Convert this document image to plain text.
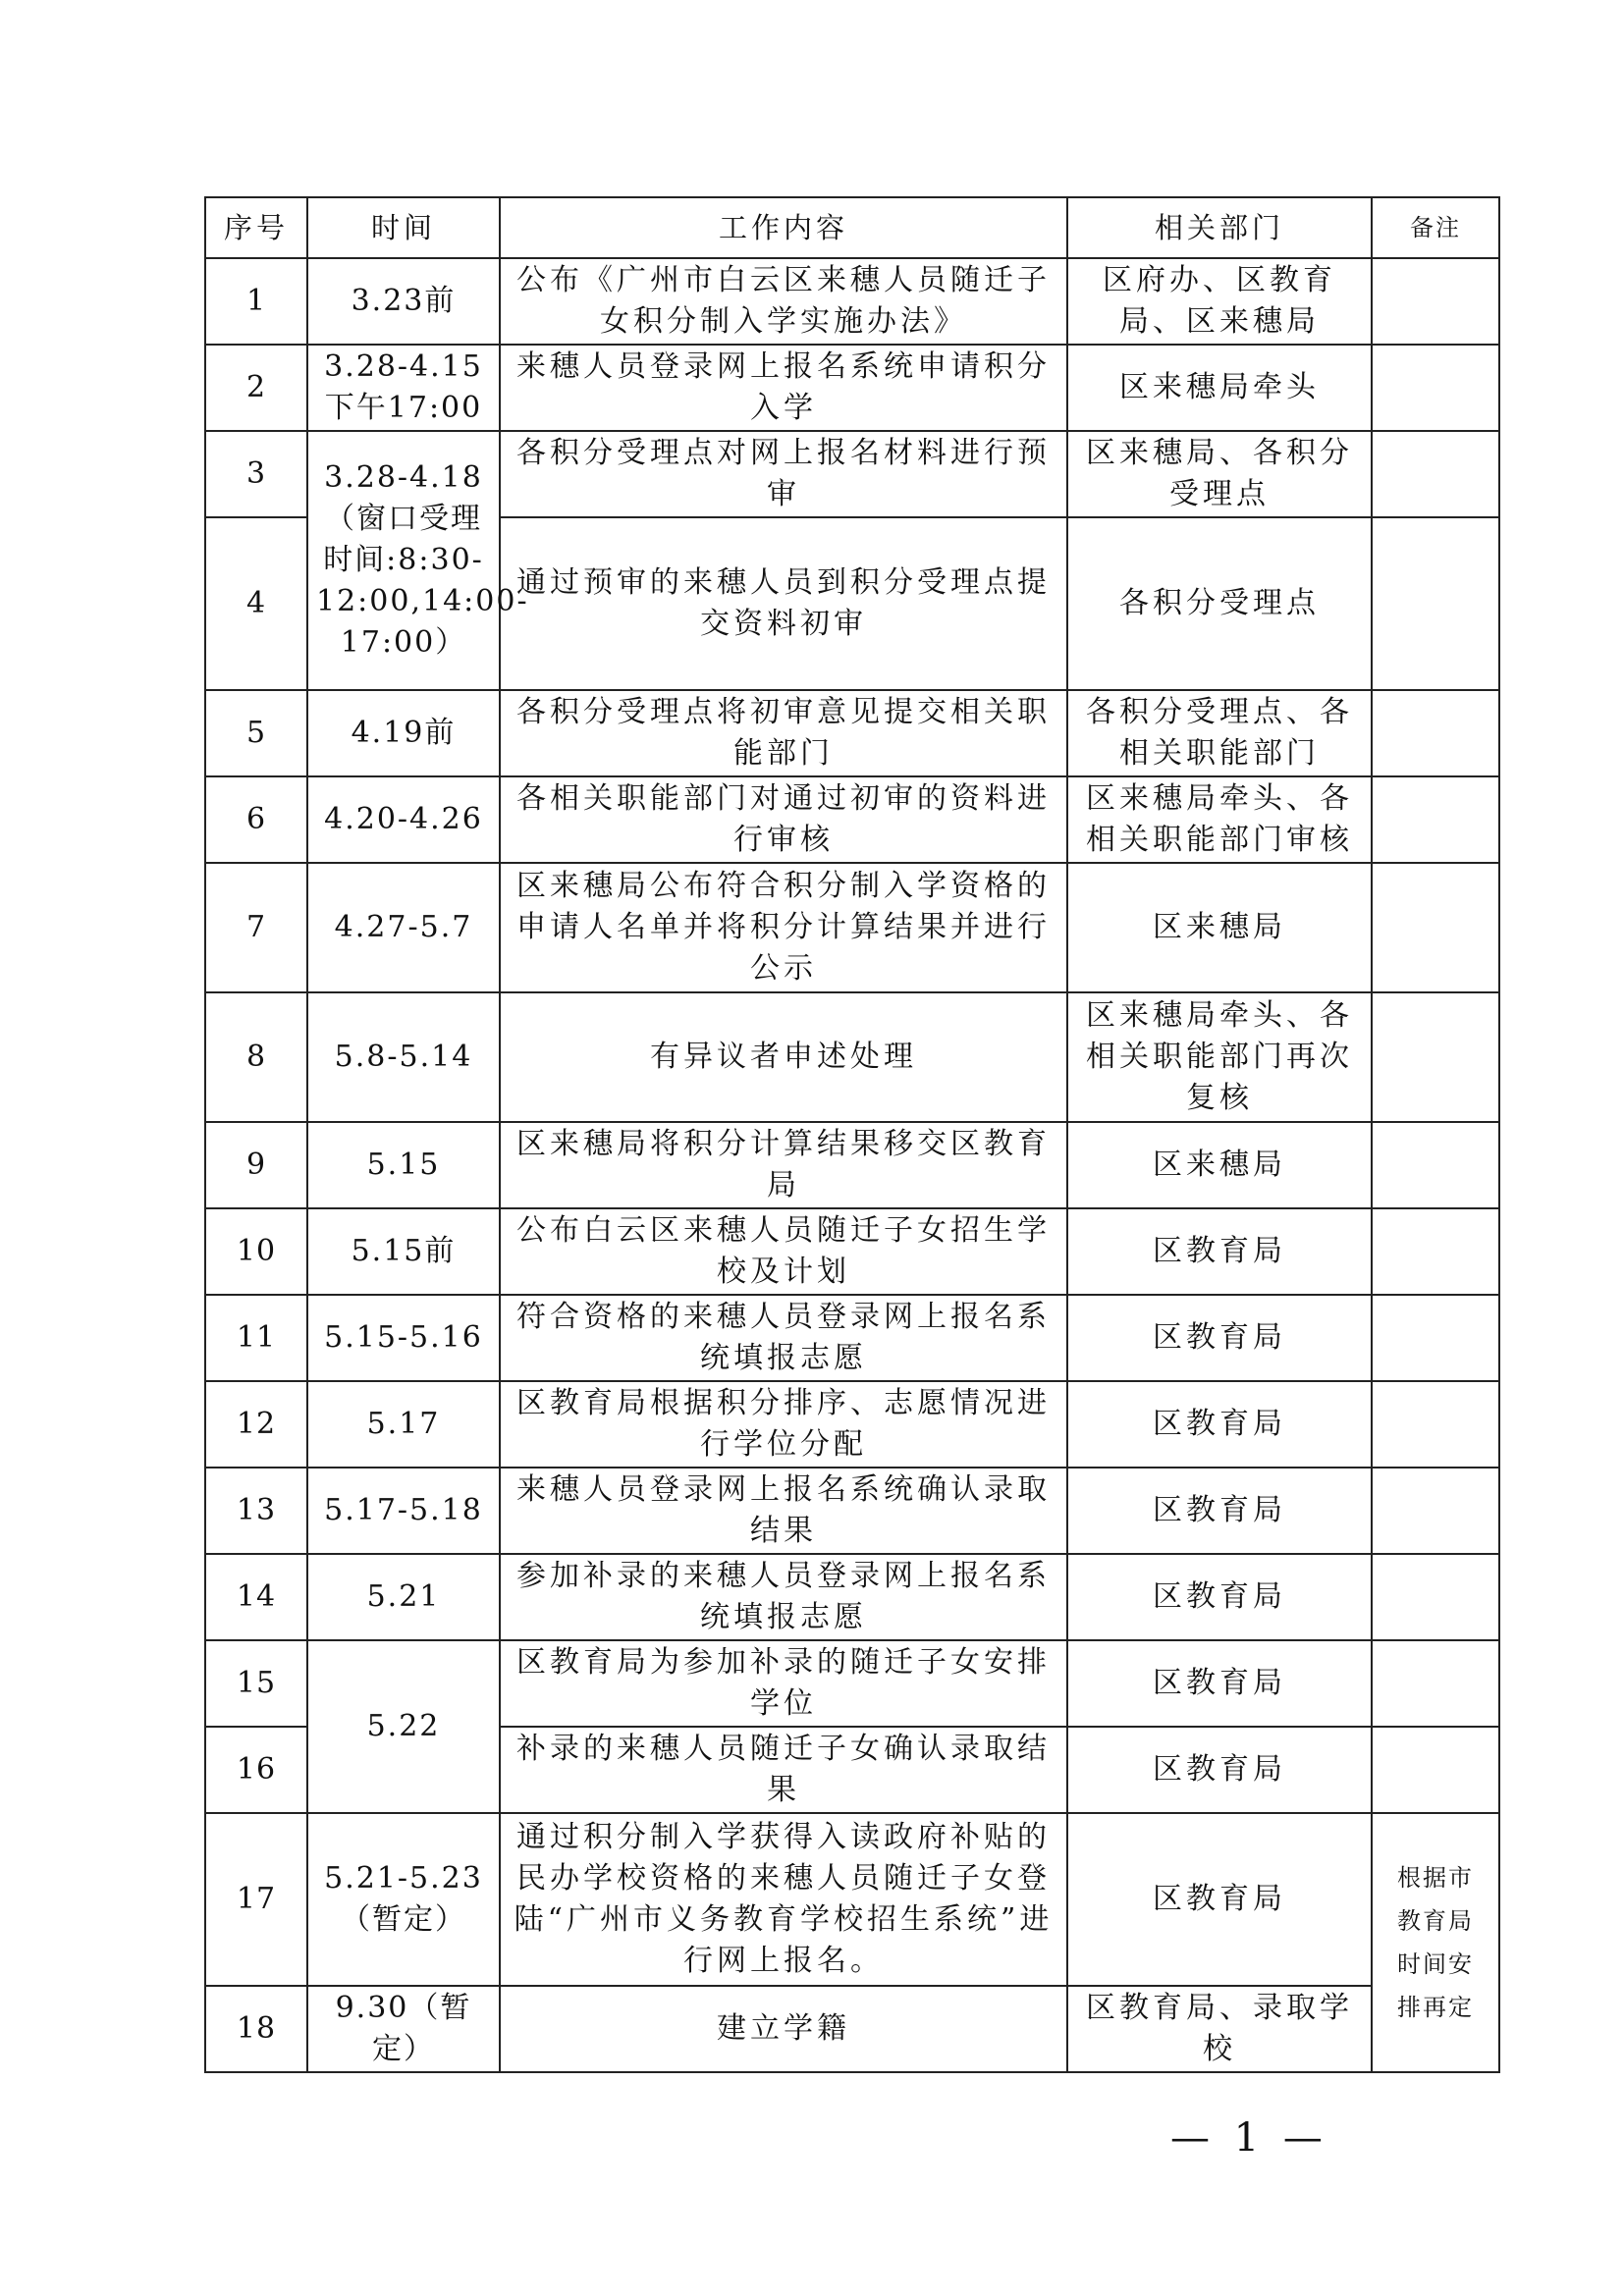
序号	时间	工作内容	相关部门	备注
1	3.23前	公布《广州市白云区来穗人员随迁子女积分制入学实施办法》	区府办、区教育局、区来穗局	
2	3.28-4.15下午17:00	来穗人员登录网上报名系统申请积分入学	区来穗局牵头	
3	3.28-4.18（窗口受理时间:8:30-12:00,14:00-17:00）	各积分受理点对网上报名材料进行预审	区来穗局、各积分受理点	
4		通过预审的来穗人员到积分受理点提交资料初审	各积分受理点	
5	4.19前	各积分受理点将初审意见提交相关职能部门	各积分受理点、各相关职能部门	
6	4.20-4.26	各相关职能部门对通过初审的资料进行审核	区来穗局牵头、各相关职能部门审核	
7	4.27-5.7	区来穗局公布符合积分制入学资格的申请人名单并将积分计算结果并进行公示	区来穗局	
8	5.8-5.14	有异议者申述处理	区来穗局牵头、各相关职能部门再次复核	
9	5.15	区来穗局将积分计算结果移交区教育局	区来穗局	
10	5.15前	公布白云区来穗人员随迁子女招生学校及计划	区教育局	
11	5.15-5.16	符合资格的来穗人员登录网上报名系统填报志愿	区教育局	
12	5.17	区教育局根据积分排序、志愿情况进行学位分配	区教育局	
13	5.17-5.18	来穗人员登录网上报名系统确认录取结果	区教育局	
14	5.21	参加补录的来穗人员登录网上报名系统填报志愿	区教育局	
15	5.22	区教育局为参加补录的随迁子女安排学位	区教育局	
16		补录的来穗人员随迁子女确认录取结果	区教育局	
17	5.21-5.23（暂定）	通过积分制入学获得入读政府补贴的民办学校资格的来穗人员随迁子女登陆“广州市义务教育学校招生系统”进行网上报名。	区教育局	根据市教育局时间安排再定
18	9.30（暂定）	建立学籍	区教育局、录取学校	
— 1 —
